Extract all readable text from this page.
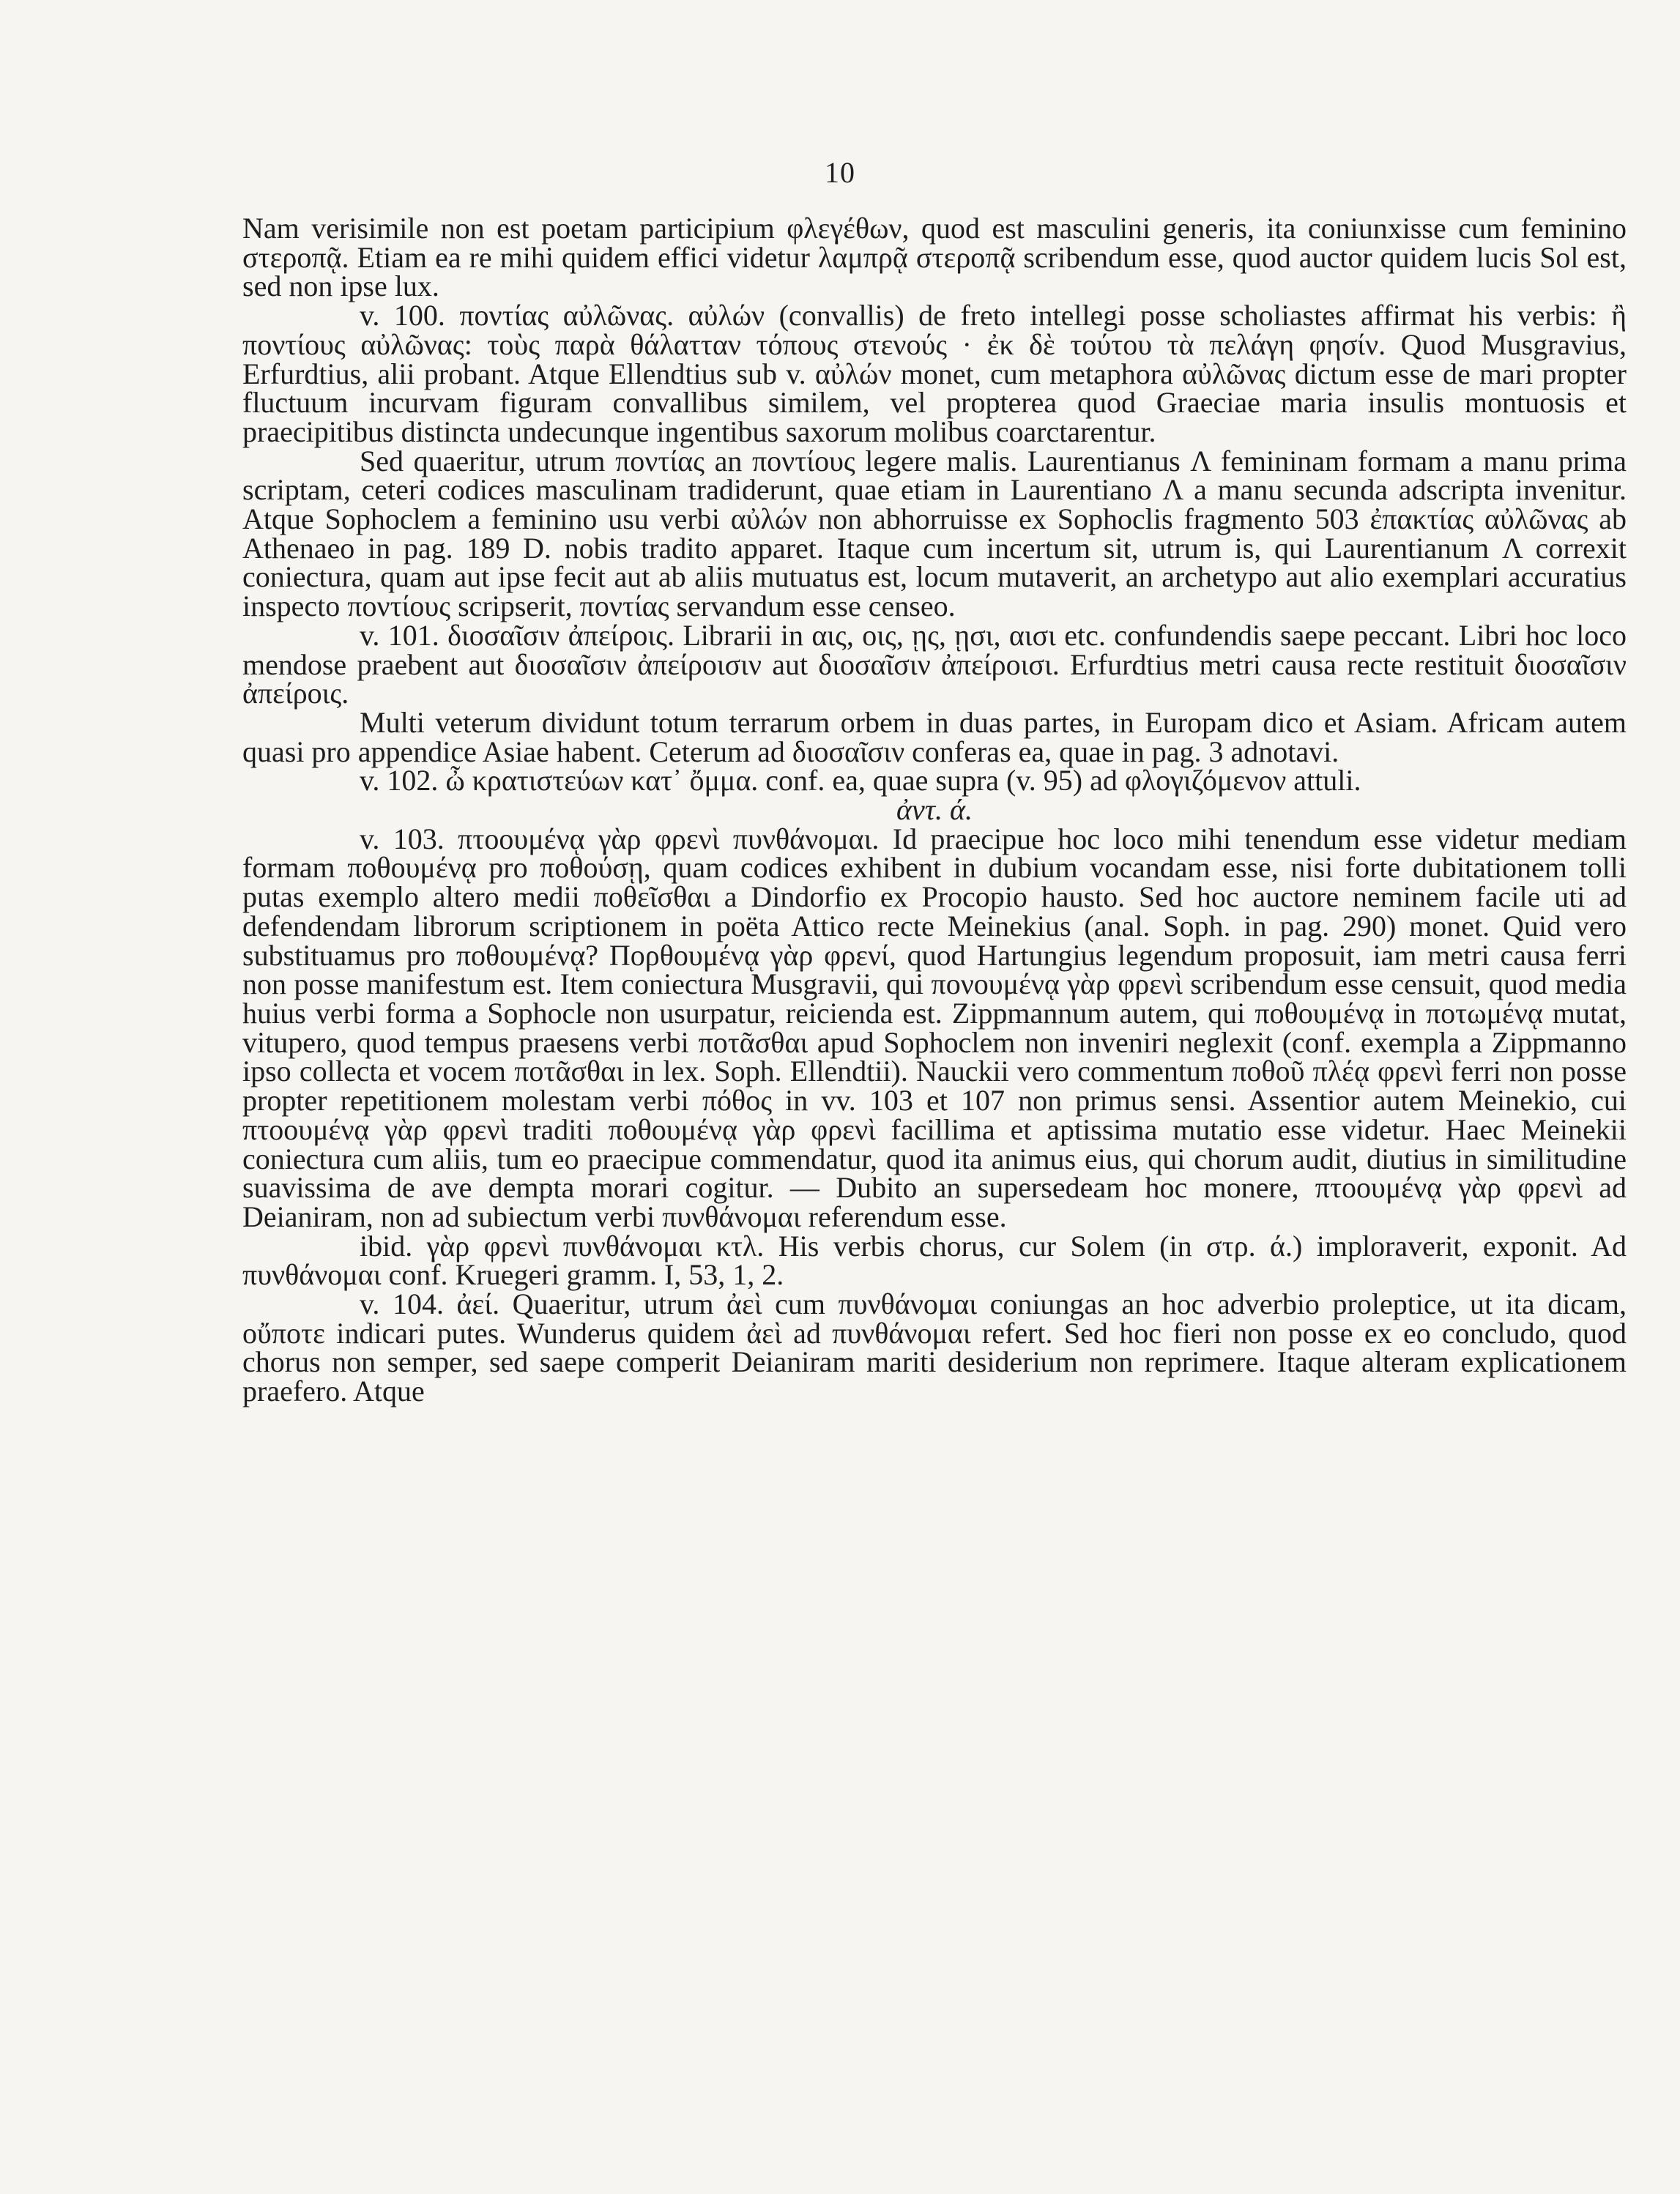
10

Nam verisimile non est poetam participium φλεγέθων, quod est masculini generis, ita coniunxisse cum feminino στεροπᾷ. Etiam ea re mihi quidem effici videtur λαμπρᾷ στεροπᾷ scribendum esse, quod auctor quidem lucis Sol est, sed non ipse lux.

v. 100. ποντίας αὐλῶνας. αὐλών (convallis) de freto intellegi posse scholiastes affirmat his verbis: ἢ ποντίους αὐλῶνας: τοὺς παρὰ θάλατταν τόπους στενούς · ἐκ δὲ τούτου τὰ πελάγη φησίν. Quod Musgravius, Erfurdtius, alii probant. Atque Ellendtius sub v. αὐλών monet, cum metaphora αὐλῶνας dictum esse de mari propter fluctuum incurvam figuram convallibus similem, vel propterea quod Graeciae maria insulis montuosis et praecipitibus distincta undecunque ingentibus saxorum molibus coarctarentur.

Sed quaeritur, utrum ποντίας an ποντίους legere malis. Laurentianus Λ femininam formam a manu prima scriptam, ceteri codices masculinam tradiderunt, quae etiam in Laurentiano Λ a manu secunda adscripta invenitur. Atque Sophoclem a feminino usu verbi αὐλών non abhorruisse ex Sophoclis fragmento 503 ἐπακτίας αὐλῶνας ab Athenaeo in pag. 189 D. nobis tradito apparet. Itaque cum incertum sit, utrum is, qui Laurentianum Λ correxit coniectura, quam aut ipse fecit aut ab aliis mutuatus est, locum mutaverit, an archetypo aut alio exemplari accuratius inspecto ποντίους scripserit, ποντίας servandum esse censeo.

v. 101. διοσαῖσιν ἀπείροις. Librarii in αις, οις, ῃς, ῃσι, αισι etc. confundendis saepe peccant. Libri hoc loco mendose praebent aut διοσαῖσιν ἀπείροισιν aut διοσαῖσιν ἀπείροισι. Erfurdtius metri causa recte restituit διοσαῖσιν ἀπείροις.

Multi veterum dividunt totum terrarum orbem in duas partes, in Europam dico et Asiam. Africam autem quasi pro appendice Asiae habent. Ceterum ad διοσαῖσιν conferas ea, quae in pag. 3 adnotavi.

v. 102. ὦ κρατιστεύων κατ᾽ ὄμμα. conf. ea, quae supra (v. 95) ad φλογιζόμενον attuli.

ἀντ. ά.

v. 103. πτοουμένᾳ γὰρ φρενὶ πυνθάνομαι. Id praecipue hoc loco mihi tenendum esse videtur mediam formam ποθουμένᾳ pro ποθούσῃ, quam codices exhibent in dubium vocandam esse, nisi forte dubitationem tolli putas exemplo altero medii ποθεῖσθαι a Dindorfio ex Procopio hausto. Sed hoc auctore neminem facile uti ad defendendam librorum scriptionem in poëta Attico recte Meinekius (anal. Soph. in pag. 290) monet. Quid vero substituamus pro ποθουμένᾳ? Πορθουμένᾳ γὰρ φρενί, quod Hartungius legendum proposuit, iam metri causa ferri non posse manifestum est. Item coniectura Musgravii, qui πονουμένᾳ γὰρ φρενὶ scribendum esse censuit, quod media huius verbi forma a Sophocle non usurpatur, reicienda est. Zippmannum autem, qui ποθουμένᾳ in ποτωμένᾳ mutat, vitupero, quod tempus praesens verbi ποτᾶσθαι apud Sophoclem non inveniri neglexit (conf. exempla a Zippmanno ipso collecta et vocem ποτᾶσθαι in lex. Soph. Ellendtii). Nauckii vero commentum ποθοῦ πλέᾳ φρενὶ ferri non posse propter repetitionem molestam verbi πόθος in vv. 103 et 107 non primus sensi. Assentior autem Meinekio, cui πτοουμένᾳ γὰρ φρενὶ traditi ποθουμένᾳ γὰρ φρενὶ facillima et aptissima mutatio esse videtur. Haec Meinekii coniectura cum aliis, tum eo praecipue commendatur, quod ita animus eius, qui chorum audit, diutius in similitudine suavissima de ave dempta morari cogitur. — Dubito an supersedeam hoc monere, πτοουμένᾳ γὰρ φρενὶ ad Deianiram, non ad subiectum verbi πυνθάνομαι referendum esse.

ibid. γὰρ φρενὶ πυνθάνομαι κτλ. His verbis chorus, cur Solem (in στρ. ά.) imploraverit, exponit. Ad πυνθάνομαι conf. Kruegeri gramm. I, 53, 1, 2.

v. 104. ἀεί. Quaeritur, utrum ἀεὶ cum πυνθάνομαι coniungas an hoc adverbio proleptice, ut ita dicam, οὔποτε indicari putes. Wunderus quidem ἀεὶ ad πυνθάνομαι refert. Sed hoc fieri non posse ex eo concludo, quod chorus non semper, sed saepe comperit Deianiram mariti desiderium non reprimere. Itaque alteram explicationem praefero. Atque
